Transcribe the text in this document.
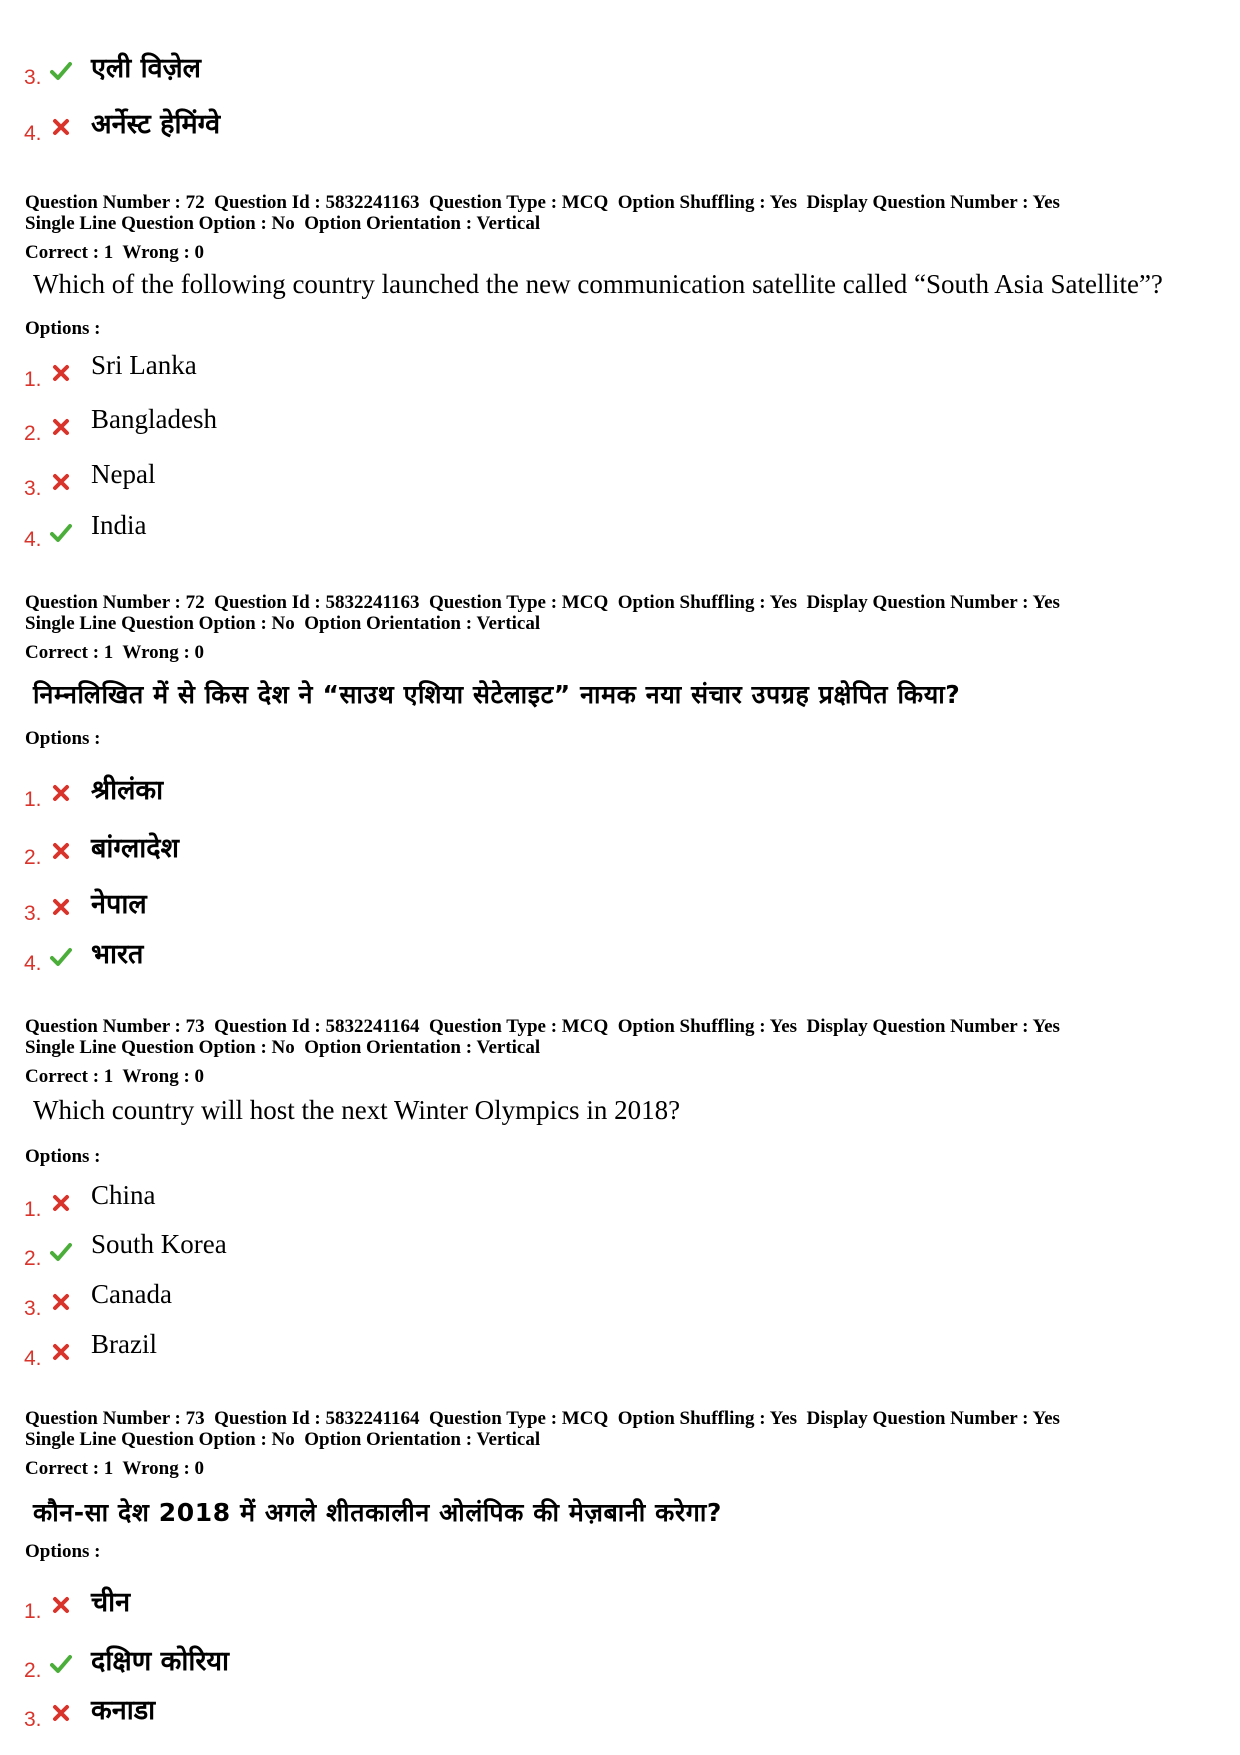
3. एली विज़ेल
4. अर्नेस्ट हेमिंग्वे
Question Number : 72  Question Id : 5832241163  Question Type : MCQ  Option Shuffling : Yes  Display Question Number : Yes
Single Line Question Option : No  Option Orientation : Vertical
Correct : 1  Wrong : 0
Which of the following country launched the new communication satellite called “South Asia Satellite”?
Options :
1. Sri Lanka
2. Bangladesh
3. Nepal
4. India
Question Number : 72  Question Id : 5832241163  Question Type : MCQ  Option Shuffling : Yes  Display Question Number : Yes
Single Line Question Option : No  Option Orientation : Vertical
Correct : 1  Wrong : 0
निम्नलिखित में से किस देश ने “साउथ एशिया सेटेलाइट” नामक नया संचार उपग्रह प्रक्षेपित किया?
Options :
1. श्रीलंका
2. बांग्लादेश
3. नेपाल
4. भारत
Question Number : 73  Question Id : 5832241164  Question Type : MCQ  Option Shuffling : Yes  Display Question Number : Yes
Single Line Question Option : No  Option Orientation : Vertical
Correct : 1  Wrong : 0
Which country will host the next Winter Olympics in 2018?
Options :
1. China
2. South Korea
3. Canada
4. Brazil
Question Number : 73  Question Id : 5832241164  Question Type : MCQ  Option Shuffling : Yes  Display Question Number : Yes
Single Line Question Option : No  Option Orientation : Vertical
Correct : 1  Wrong : 0
कौन-सा देश 2018 में अगले शीतकालीन ओलंपिक की मेज़बानी करेगा?
Options :
1. चीन
2. दक्षिण कोरिया
3. कनाडा
